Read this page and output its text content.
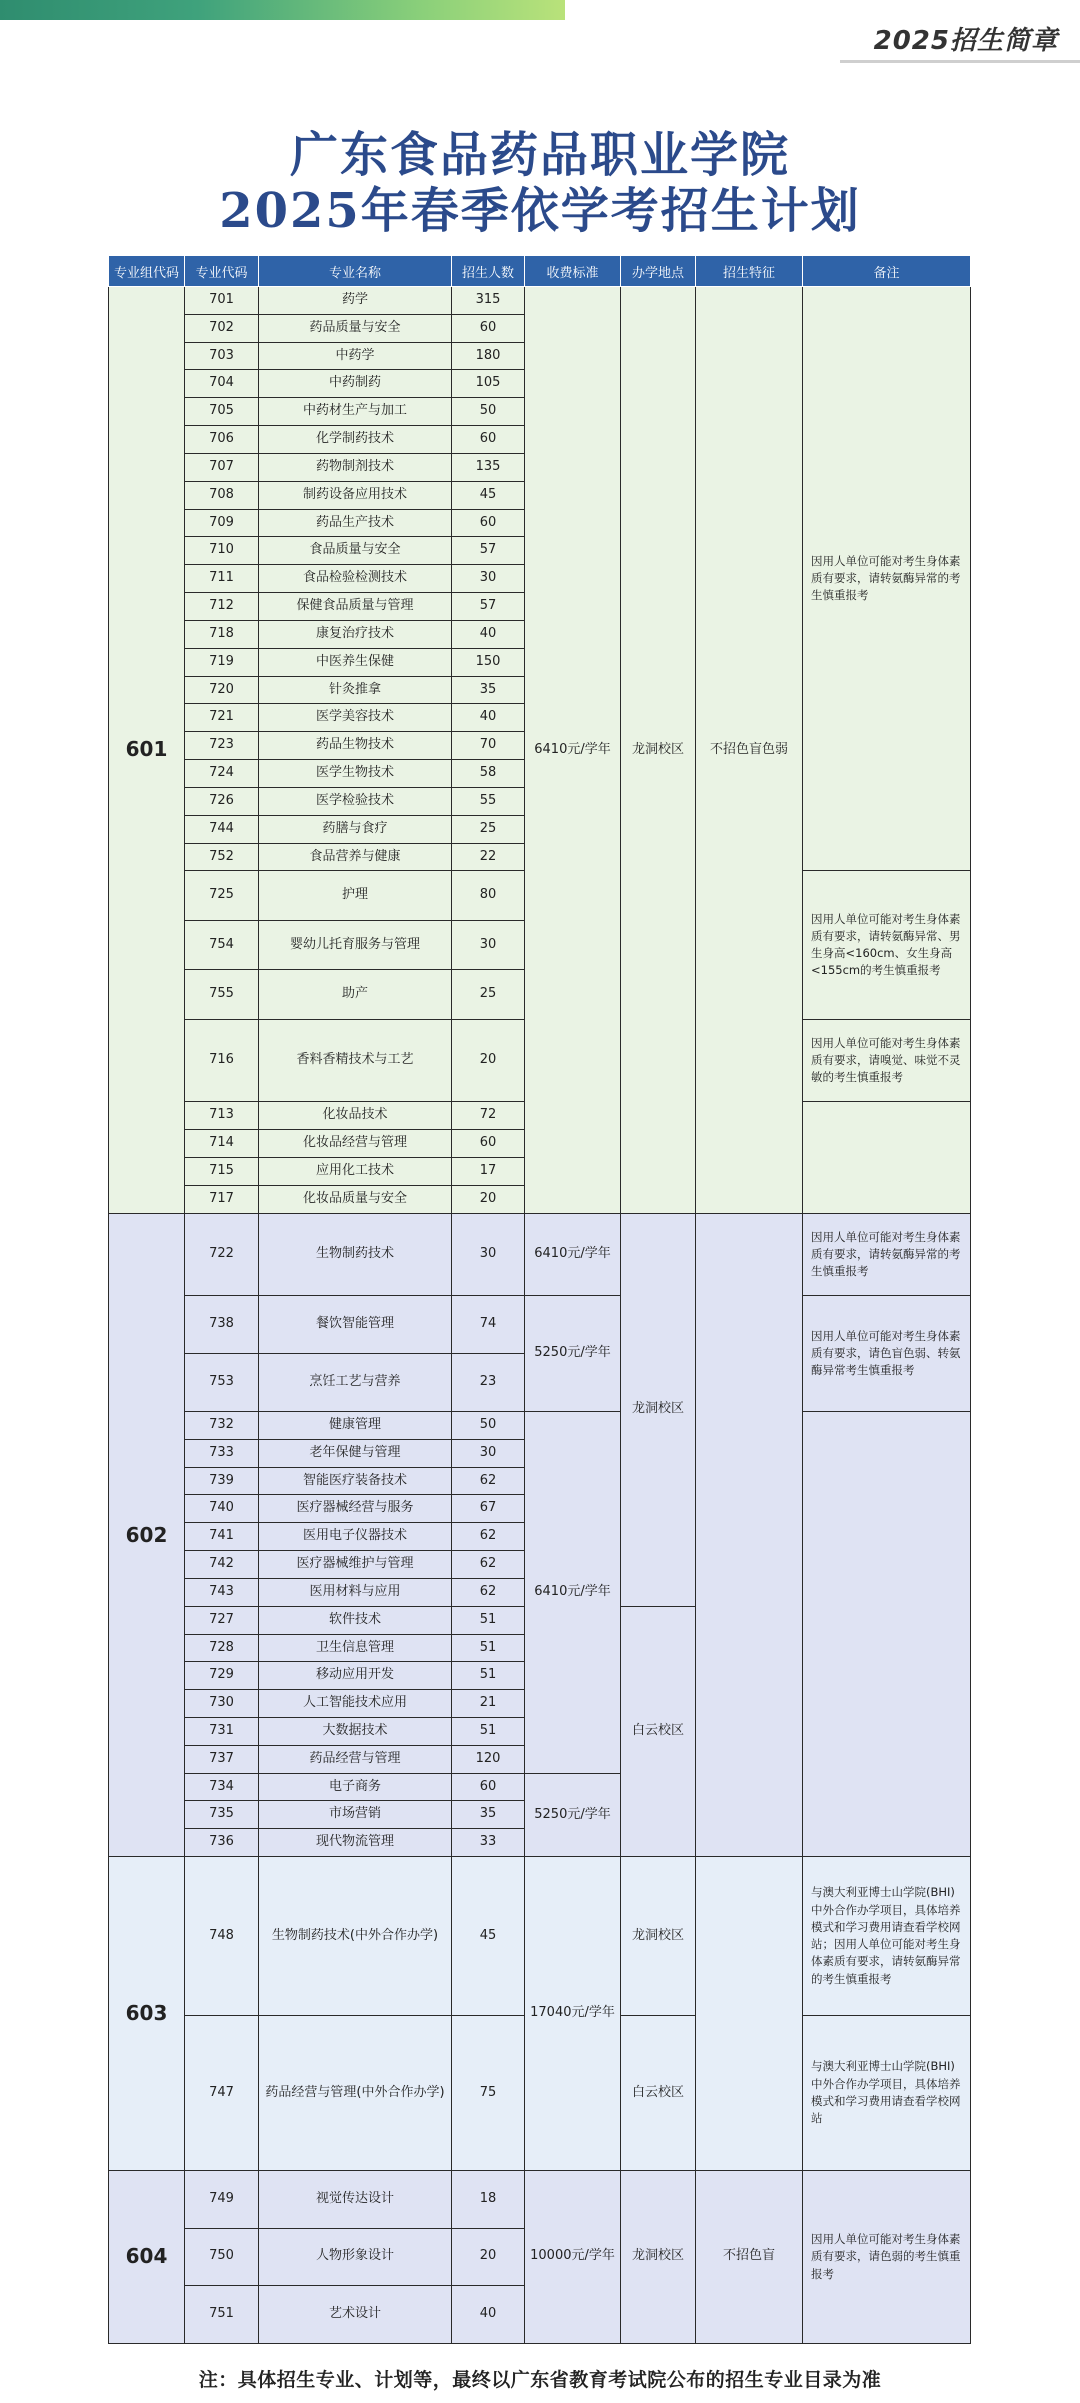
2025招生简章
广东食品药品职业学院
2025年春季依学考招生计划
专业组代码	专业代码	专业名称	招生人数	收费标准	办学地点	招生特征	备注
601	701	药学	315	6410元/学年	龙洞校区	不招色盲色弱	因用人单位可能对考生身体素质有要求，请转氨酶异常的考生慎重报考
	702	药品质量与安全	60				
	703	中药学	180				
	704	中药制药	105				
	705	中药材生产与加工	50				
	706	化学制药技术	60				
	707	药物制剂技术	135				
	708	制药设备应用技术	45				
	709	药品生产技术	60				
	710	食品质量与安全	57				
	711	食品检验检测技术	30				
	712	保健食品质量与管理	57				
	718	康复治疗技术	40				
	719	中医养生保健	150				
	720	针灸推拿	35				
	721	医学美容技术	40				
	723	药品生物技术	70				
	724	医学生物技术	58				
	726	医学检验技术	55				
	744	药膳与食疗	25				
	752	食品营养与健康	22				
	725	护理	80				因用人单位可能对考生身体素质有要求，请转氨酶异常、男生身高<160cm、女生身高<155cm的考生慎重报考
	754	婴幼儿托育服务与管理	30				
	755	助产	25				
	716	香料香精技术与工艺	20				因用人单位可能对考生身体素质有要求，请嗅觉、味觉不灵敏的考生慎重报考
	713	化妆品技术	72				
	714	化妆品经营与管理	60				
	715	应用化工技术	17				
	717	化妆品质量与安全	20				
602	722	生物制药技术	30	6410元/学年	龙洞校区		因用人单位可能对考生身体素质有要求，请转氨酶异常的考生慎重报考
	738	餐饮智能管理	74	5250元/学年			因用人单位可能对考生身体素质有要求，请色盲色弱、转氨酶异常考生慎重报考
	753	烹饪工艺与营养	23				
	732	健康管理	50	6410元/学年			
	733	老年保健与管理	30				
	739	智能医疗装备技术	62				
	740	医疗器械经营与服务	67				
	741	医用电子仪器技术	62				
	742	医疗器械维护与管理	62				
	743	医用材料与应用	62				
	727	软件技术	51		白云校区		
	728	卫生信息管理	51				
	729	移动应用开发	51				
	730	人工智能技术应用	21				
	731	大数据技术	51				
	737	药品经营与管理	120				
	734	电子商务	60	5250元/学年			
	735	市场营销	35				
	736	现代物流管理	33				
603	748	生物制药技术(中外合作办学)	45	17040元/学年	龙洞校区		与澳大利亚博士山学院(BHI)中外合作办学项目，具体培养模式和学习费用请查看学校网站；因用人单位可能对考生身体素质有要求，请转氨酶异常的考生慎重报考
	747	药品经营与管理(中外合作办学)	75		白云校区		与澳大利亚博士山学院(BHI)中外合作办学项目，具体培养模式和学习费用请查看学校网站
604	749	视觉传达设计	18	10000元/学年	龙洞校区	不招色盲	因用人单位可能对考生身体素质有要求，请色弱的考生慎重报考
	750	人物形象设计	20				
	751	艺术设计	40				
注：具体招生专业、计划等，最终以广东省教育考试院公布的招生专业目录为准
